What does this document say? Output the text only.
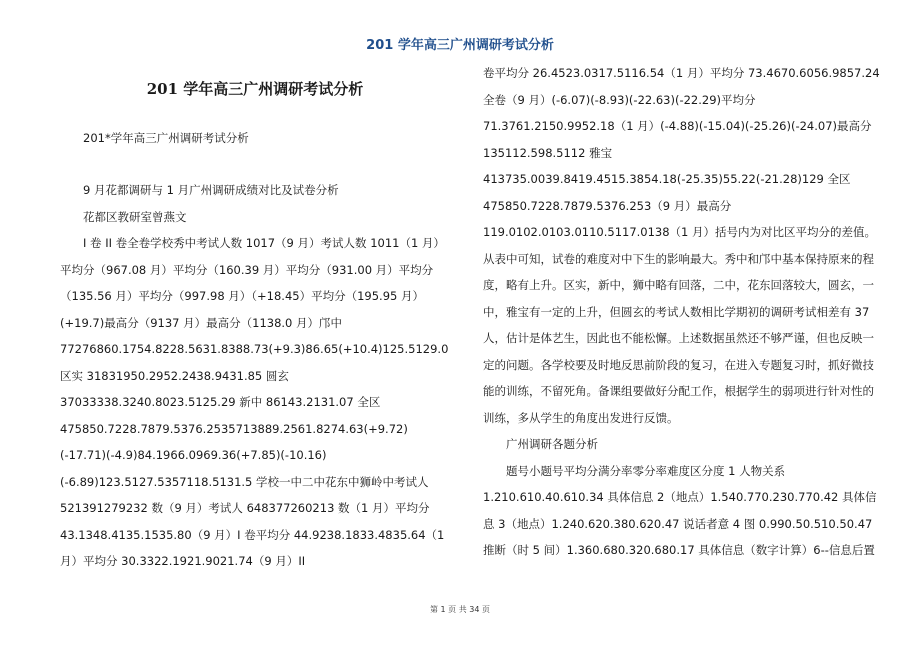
201 学年高三广州调研考试分析

201 学年高三广州调研考试分析

201*学年高三广州调研考试分析

9 月花都调研与 1 月广州调研成绩对比及试卷分析

花都区教研室曾燕文

I 卷 II 卷全卷学校秀中考试人数 1017（9 月）考试人数 1011（1 月）平均分（967.08 月）平均分（160.39 月）平均分（931.00 月）平均分（135.56 月）平均分（997.98 月）（+18.45）平均分（195.95 月）(+19.7)最高分（9137 月）最高分（1138.0 月）邝中 77276860.1754.8228.5631.8388.73(+9.3)86.65(+10.4)125.5129.0 区实 31831950.2952.2438.9431.85 圆玄 37033338.3240.8023.5125.29 新中 86143.2131.07 全区 475850.7228.7879.5376.2535713889.2561.8274.63(+9.72)(-17.71)(-4.9)84.1966.0969.36(+7.85)(-10.16)(-6.89)123.5127.5357118.5131.5 学校一中二中花东中狮岭中考试人 521391279232 数（9 月）考试人 648377260213 数（1 月）平均分 43.1348.4135.1535.80（9 月）I 卷平均分 44.9238.1833.4835.64（1 月）平均分 30.3322.1921.9021.74（9 月）II

卷平均分 26.4523.0317.5116.54（1 月）平均分 73.4670.6056.9857.24 全卷（9 月）(-6.07)(-8.93)(-22.63)(-22.29)平均分 71.3761.2150.9952.18（1 月）(-4.88)(-15.04)(-25.26)(-24.07)最高分 135112.598.5112 雅宝 413735.0039.8419.4515.3854.18(-25.35)55.22(-21.28)129 全区 475850.7228.7879.5376.253（9 月）最高分 119.0102.0103.0110.5117.0138（1 月）括号内为对比区平均分的差值。从表中可知，试卷的难度对中下生的影响最大。秀中和邝中基本保持原来的程度，略有上升。区实，新中，狮中略有回落，二中，花东回落较大，圆玄，一中，雅宝有一定的上升，但圆玄的考试人数相比学期初的调研考试相差有 37 人，估计是体艺生，因此也不能松懈。上述数据虽然还不够严谨，但也反映一定的问题。各学校要及时地反思前阶段的复习，在进入专题复习时，抓好微技能的训练，不留死角。备课组要做好分配工作，根据学生的弱项进行针对性的训练，多从学生的角度出发进行反馈。

广州调研各题分析

题号小题号平均分满分率零分率难度区分度 1 人物关系 1.210.610.40.610.34 具体信息 2（地点）1.540.770.230.770.42 具体信息 3（地点）1.240.620.380.620.47 说话者意 4 图 0.990.50.510.50.47 推断（时 5 间）1.360.680.320.680.17 具体信息（数字计算）6--信息后置

第 1 页 共 34 页
